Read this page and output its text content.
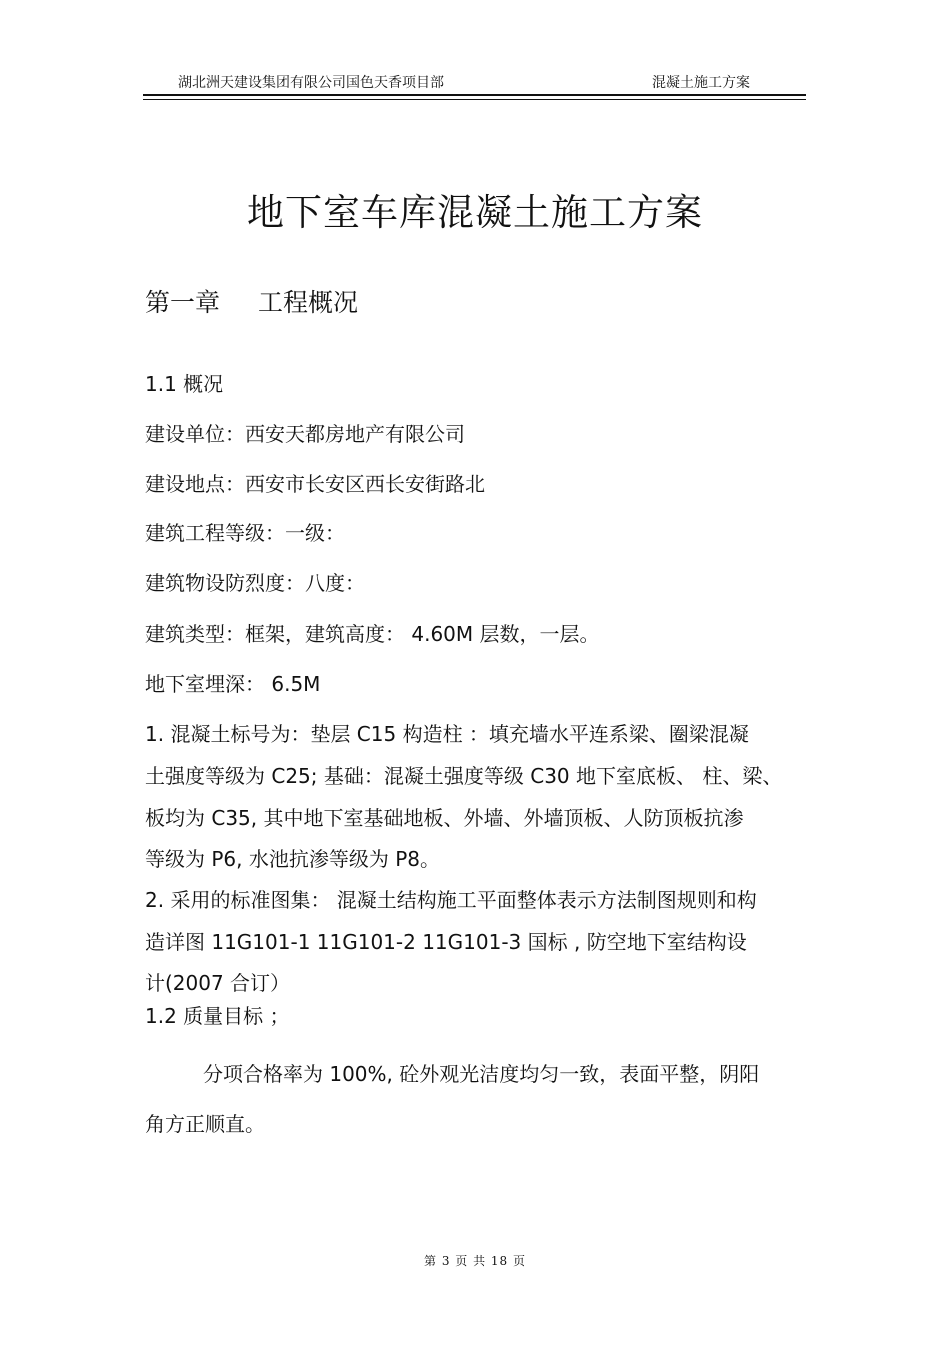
湖北洲天建设集团有限公司国色天香项目部	混凝土施工方案
地下室车库混凝土施工方案
第一章 工程概况
1.1 概况
建设单位：西安天都房地产有限公司
建设地点：西安市长安区西长安街路北
建筑工程等级：一级：
建筑物设防烈度：八度：
建筑类型：框架，建筑高度： 4.60M 层数，一层。
地下室埋深： 6.5M
1. 混凝土标号为：垫层 C15 构造柱 ：填充墙水平连系梁、圈梁混凝
土强度等级为 C25; 基础：混凝土强度等级 C30 地下室底板、 柱、梁、
板均为 C35, 其中地下室基础地板、外墙、外墙顶板、人防顶板抗渗
等级为 P6, 水池抗渗等级为 P8。
2. 采用的标准图集： 混凝土结构施工平面整体表示方法制图规则和构
造详图 11G101-1 11G101-2 11G101-3 国标 , 防空地下室结构设
计(2007 合订）
1.2 质量目标 ；
分项合格率为 100%, 砼外观光洁度均匀一致，表面平整，阴阳
角方正顺直。
第 3 页 共 18 页
